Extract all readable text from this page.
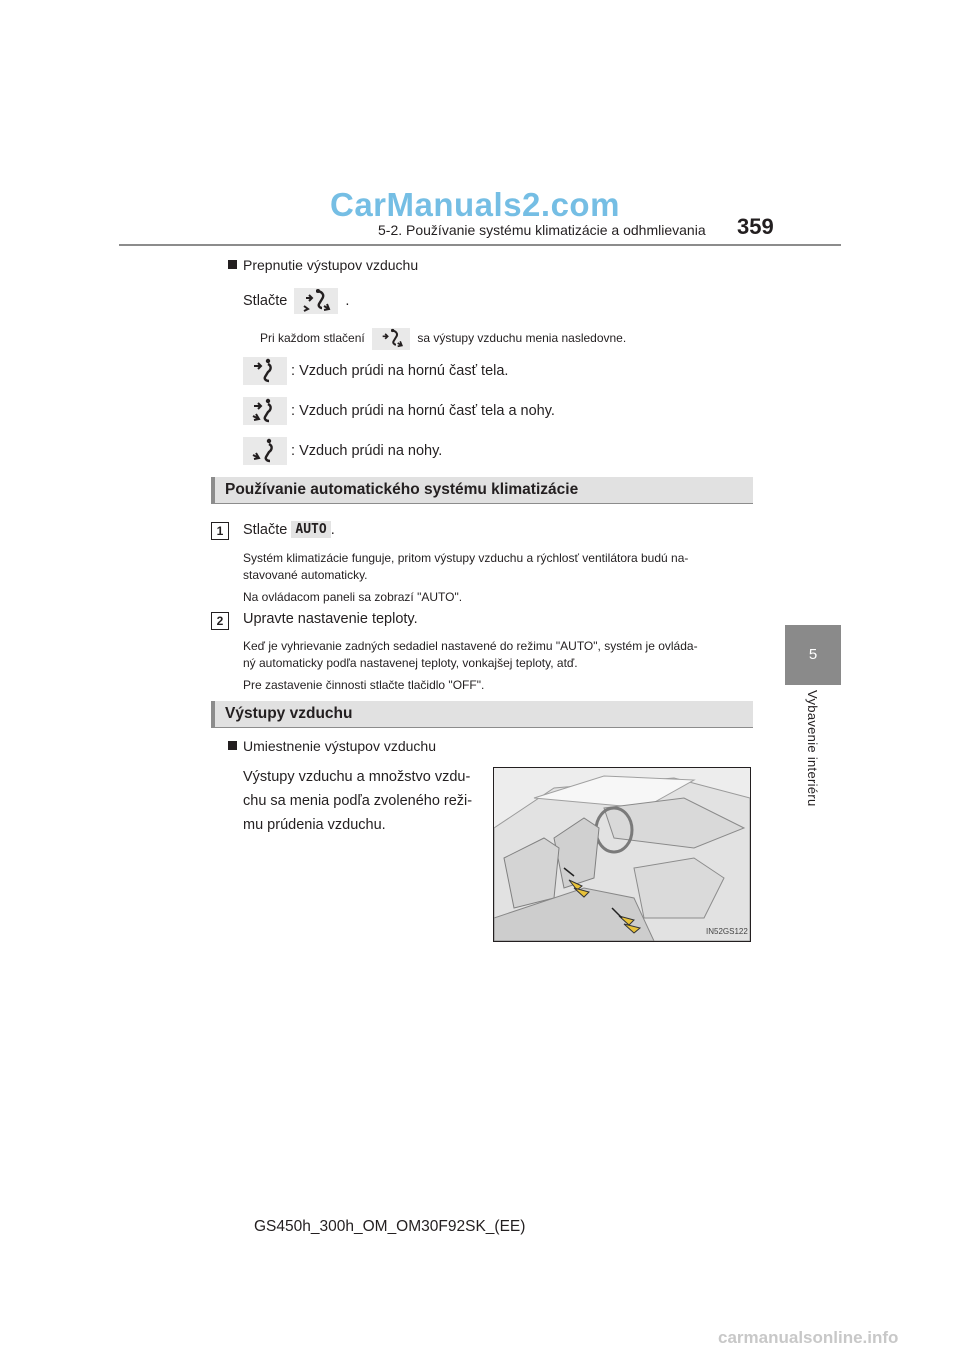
CarManuals2.com
5-2. Používanie systému klimatizácie a odhmlievania 359
5
Vybavenie interiéru
Prepnutie výstupov vzduchu
Stlačte	.
Pri každom stlačení	sa výstupy vzduchu menia nasledovne.
: Vzduch prúdi na hornú časť tela.
: Vzduch prúdi na hornú časť tela a nohy.
: Vzduch prúdi na nohy.
Používanie automatického systému klimatizácie
1	Stlačte AUTO .
Systém klimatizácie funguje, pritom výstupy vzduchu a rýchlosť ventilátora budú na-
stavované automaticky.
Na ovládacom paneli sa zobrazí "AUTO".
2	Upravte nastavenie teploty.
Keď je vyhrievanie zadných sedadiel nastavené do režimu "AUTO", systém je ovláda-
ný automaticky podľa nastavenej teploty, vonkajšej teploty, atď.
Pre zastavenie činnosti stlačte tlačidlo "OFF".
Výstupy vzduchu
Umiestnenie výstupov vzduchu
Výstupy vzduchu a množstvo vzdu-
chu sa menia podľa zvoleného reži-
mu prúdenia vzduchu.
IN52GS122
GS450h_300h_OM_OM30F92SK_(EE)
carmanualsonline.info
